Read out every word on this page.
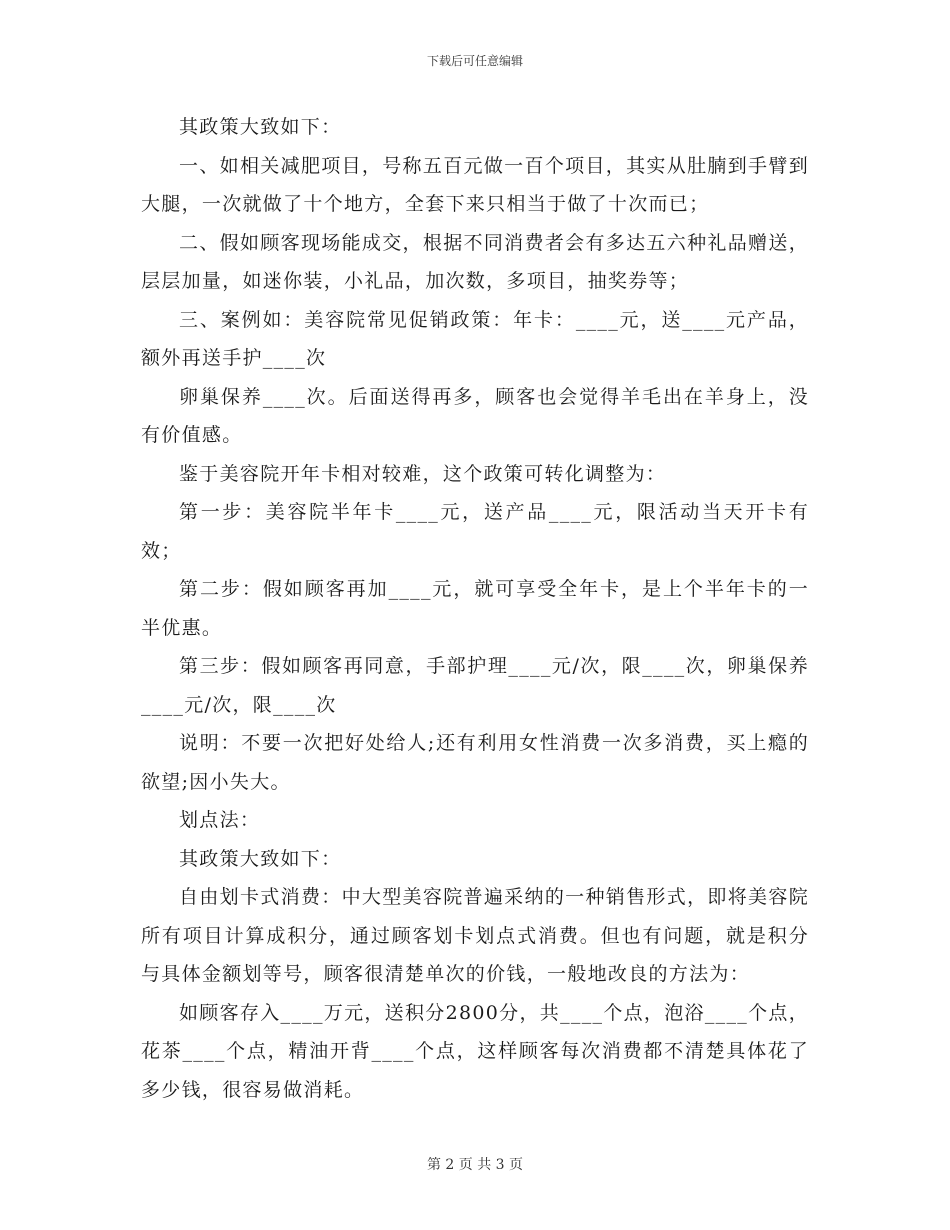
下载后可任意编辑

其政策大致如下：

一、如相关减肥项目，号称五百元做一百个项目，其实从肚腩到手臂到大腿，一次就做了十个地方，全套下来只相当于做了十次而已；

二、假如顾客现场能成交，根据不同消费者会有多达五六种礼品赠送，层层加量，如迷你装，小礼品，加次数，多项目，抽奖券等；

三、案例如：美容院常见促销政策：年卡：____元，送____元产品，额外再送手护____次

卵巢保养____次。后面送得再多，顾客也会觉得羊毛出在羊身上，没有价值感。

鉴于美容院开年卡相对较难，这个政策可转化调整为：

第一步：美容院半年卡____元，送产品____元，限活动当天开卡有效；

第二步：假如顾客再加____元，就可享受全年卡，是上个半年卡的一半优惠。

第三步：假如顾客再同意，手部护理____元/次，限____次，卵巢保养____元/次，限____次

说明：不要一次把好处给人;还有利用女性消费一次多消费，买上瘾的欲望;因小失大。

划点法：

其政策大致如下：

自由划卡式消费：中大型美容院普遍采纳的一种销售形式，即将美容院所有项目计算成积分，通过顾客划卡划点式消费。但也有问题，就是积分与具体金额划等号，顾客很清楚单次的价钱，一般地改良的方法为：

如顾客存入____万元，送积分2800分，共____个点，泡浴____个点，花茶____个点，精油开背____个点，这样顾客每次消费都不清楚具体花了多少钱，很容易做消耗。

第 2 页 共 3 页
